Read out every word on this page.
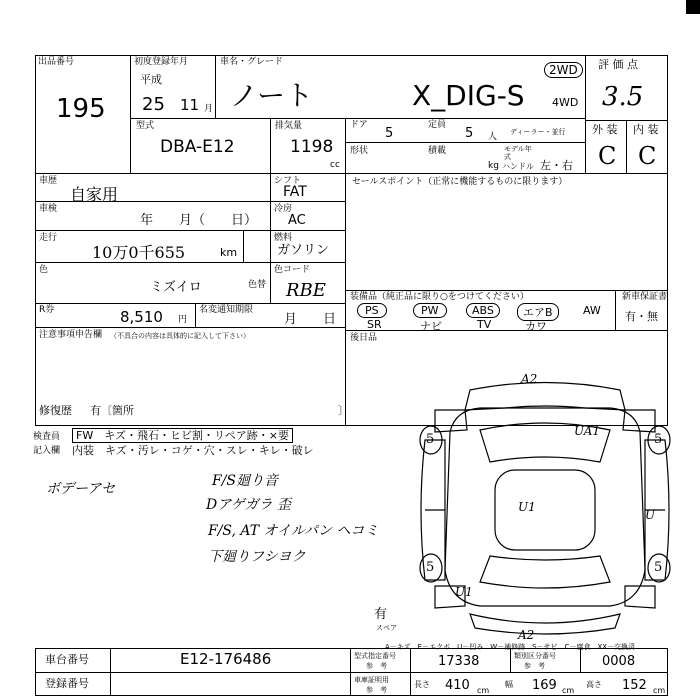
出品番号
195
初度登録年月
平成
25 11 月
車名・グレード
ノート	X_DIG-S
2WD
4WD
型式
DBA-E12
排気量
1198
cc
ドア
5
定員
5 人 ディーラー・並行
形状	積載
kg
モデル年式
ハンドル 左・右
評 価 点
3.5
外 装 内 装
C C
車歴
自家用
車検
年　　月（　　日）
走行
10万0千655	km
色
ミズイロ	色替
R券	8,510 円
名変通知期限
月　　日
シフト
FAT
冷房
AC
燃料
ガソリン
色コード
RBE
セールスポイント（正常に機能するものに限ります）
装備品（純正品に限り○をつけてください）	新車保証書
有・無
PS	PW	ABS	エアB	AW
SR	ナビ	TV	カワ
後日品
注意事項申告欄 （不具合の内容は具体的に記入して下さい）
修復歴 有〔箇所	〕
検査員	FW　キズ・飛石・ヒビ割・リペア跡・×要
記入欄 内装　キズ・汚レ・コゲ・穴・スレ・キレ・破レ
ボデーアセ	F/S廻り音
Dアゲガラ 歪
F/S, AT オイルパン ヘコミ
下廻りフシヨク
A2
UA1
U1
U
U1
A2
5	5
5	5
有
スペア
A－キズ　E－エクボ　U－凹み　W－補修跡　S－サビ　C－腐食　XX－交換済
車台番号	E12-176486
登録番号
型式指定番号
参　考	17338	類別区分番号
参　考	0008
車庫証明用
参　考
長さ 410 cm
幅 169 cm
高さ 152 cm
